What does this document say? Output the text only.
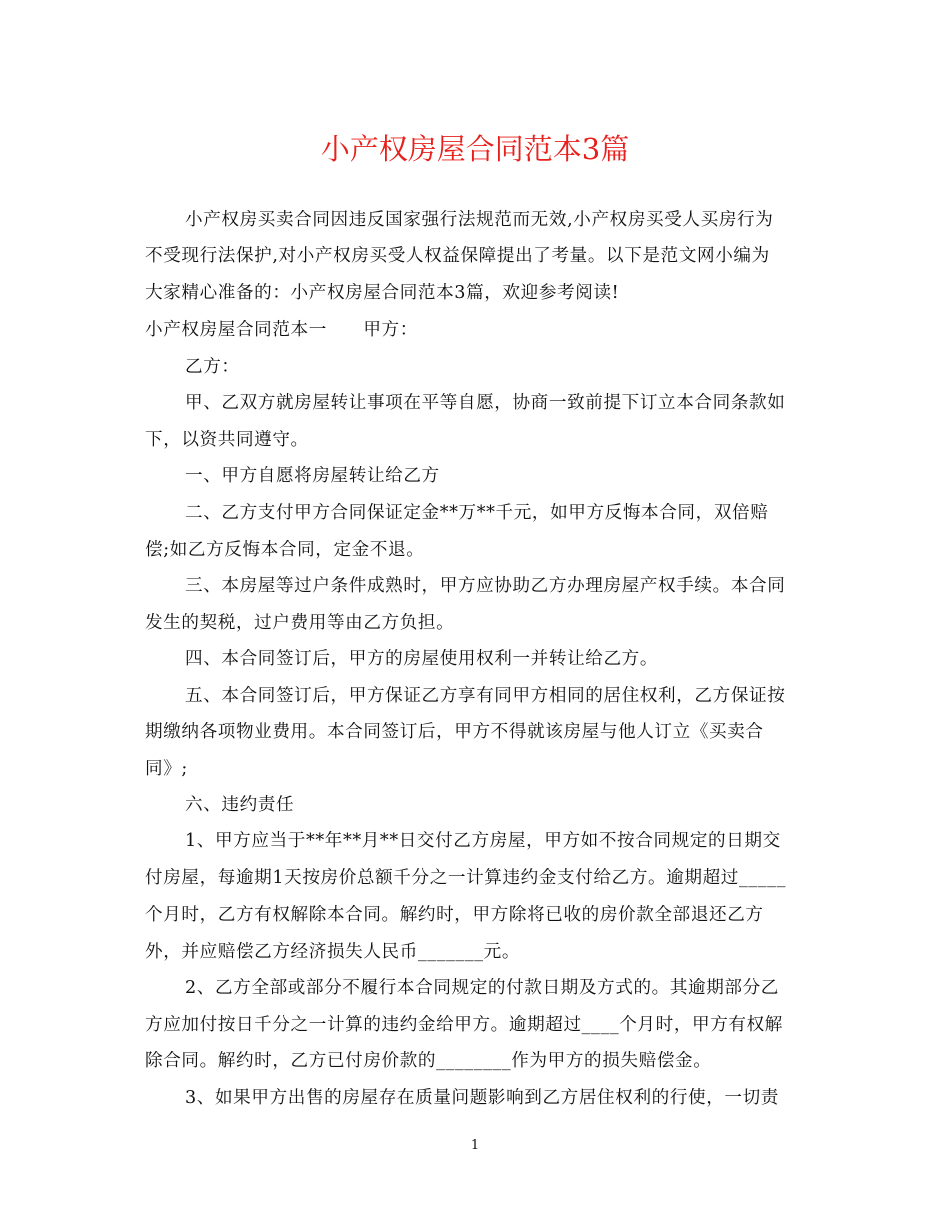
小产权房屋合同范本3篇
小产权房买卖合同因违反国家强行法规范而无效,小产权房买受人买房行为
不受现行法保护,对小产权房买受人权益保障提出了考量。以下是范文网小编为
大家精心准备的：小产权房屋合同范本3篇，欢迎参考阅读!
小产权房屋合同范本一　　甲方：
乙方：
甲、乙双方就房屋转让事项在平等自愿，协商一致前提下订立本合同条款如
下，以资共同遵守。
一、甲方自愿将房屋转让给乙方
二、乙方支付甲方合同保证定金**万**千元，如甲方反悔本合同，双倍赔
偿;如乙方反悔本合同，定金不退。
三、本房屋等过户条件成熟时，甲方应协助乙方办理房屋产权手续。本合同
发生的契税，过户费用等由乙方负担。
四、本合同签订后，甲方的房屋使用权利一并转让给乙方。
五、本合同签订后，甲方保证乙方享有同甲方相同的居住权利，乙方保证按
期缴纳各项物业费用。本合同签订后，甲方不得就该房屋与他人订立《买卖合
同》;
六、违约责任
1、甲方应当于**年**月**日交付乙方房屋，甲方如不按合同规定的日期交
付房屋，每逾期1天按房价总额千分之一计算违约金支付给乙方。逾期超过_____
个月时，乙方有权解除本合同。解约时，甲方除将已收的房价款全部退还乙方
外，并应赔偿乙方经济损失人民币_______元。
2、乙方全部或部分不履行本合同规定的付款日期及方式的。其逾期部分乙
方应加付按日千分之一计算的违约金给甲方。逾期超过____个月时，甲方有权解
除合同。解约时，乙方已付房价款的________作为甲方的损失赔偿金。
3、如果甲方出售的房屋存在质量问题影响到乙方居住权利的行使，一切责
1
